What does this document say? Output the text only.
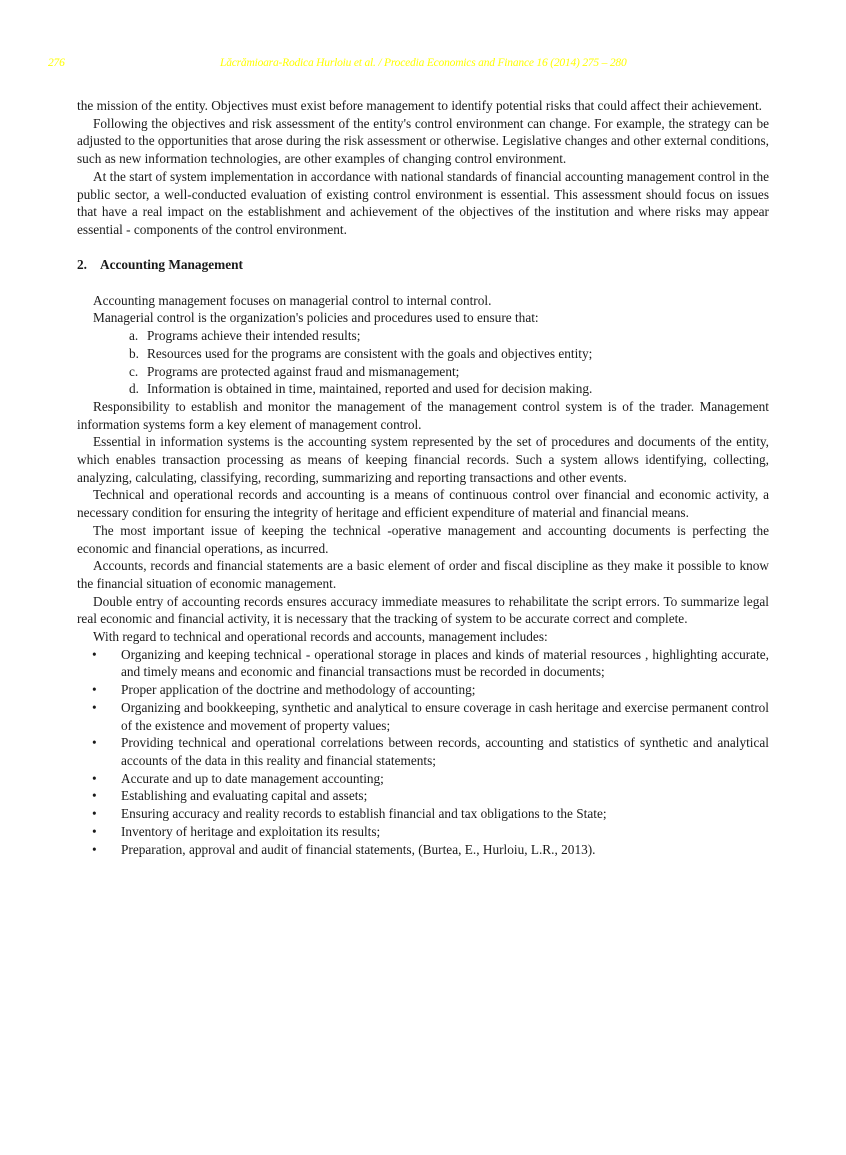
276	Lăcrămioara-Rodica Hurloiu et al. / Procedia Economics and Finance 16 (2014) 275 – 280

the mission of the entity. Objectives must exist before management to identify potential risks that could affect their achievement.

Following the objectives and risk assessment of the entity's control environment can change. For example, the strategy can be adjusted to the opportunities that arose during the risk assessment or otherwise. Legislative changes and other external conditions, such as new information technologies, are other examples of changing control environment.

At the start of system implementation in accordance with national standards of financial accounting management control in the public sector, a well-conducted evaluation of existing control environment is essential. This assessment should focus on issues that have a real impact on the establishment and achievement of the objectives of the institution and where risks may appear essential - components of the control environment.

2. Accounting Management

Accounting management focuses on managerial control to internal control.

Managerial control is the organization's policies and procedures used to ensure that:

a. Programs achieve their intended results;
b. Resources used for the programs are consistent with the goals and objectives entity;
c. Programs are protected against fraud and mismanagement;
d. Information is obtained in time, maintained, reported and used for decision making.

Responsibility to establish and monitor the management of the management control system is of the trader. Management information systems form a key element of management control.

Essential in information systems is the accounting system represented by the set of procedures and documents of the entity, which enables transaction processing as means of keeping financial records. Such a system allows identifying, collecting, analyzing, calculating, classifying, recording, summarizing and reporting transactions and other events.

Technical and operational records and accounting is a means of continuous control over financial and economic activity, a necessary condition for ensuring the integrity of heritage and efficient expenditure of material and financial means.

The most important issue of keeping the technical -operative management and accounting documents is perfecting the economic and financial operations, as incurred.

Accounts, records and financial statements are a basic element of order and fiscal discipline as they make it possible to know the financial situation of economic management.

Double entry of accounting records ensures accuracy immediate measures to rehabilitate the script errors. To summarize legal real economic and financial activity, it is necessary that the tracking of system to be accurate correct and complete.

With regard to technical and operational records and accounts, management includes:

•	Organizing and keeping technical - operational storage in places and kinds of material resources , highlighting accurate, and timely means and economic and financial transactions must be recorded in documents;
•	Proper application of the doctrine and methodology of accounting;
•	Organizing and bookkeeping, synthetic and analytical to ensure coverage in cash heritage and exercise permanent control of the existence and movement of property values;
•	Providing technical and operational correlations between records, accounting and statistics of synthetic and analytical accounts of the data in this reality and financial statements;
•	Accurate and up to date management accounting;
•	Establishing and evaluating capital and assets;
•	Ensuring accuracy and reality records to establish financial and tax obligations to the State;
•	Inventory of heritage and exploitation its results;
•	Preparation, approval and audit of financial statements, (Burtea, E., Hurloiu, L.R., 2013).
